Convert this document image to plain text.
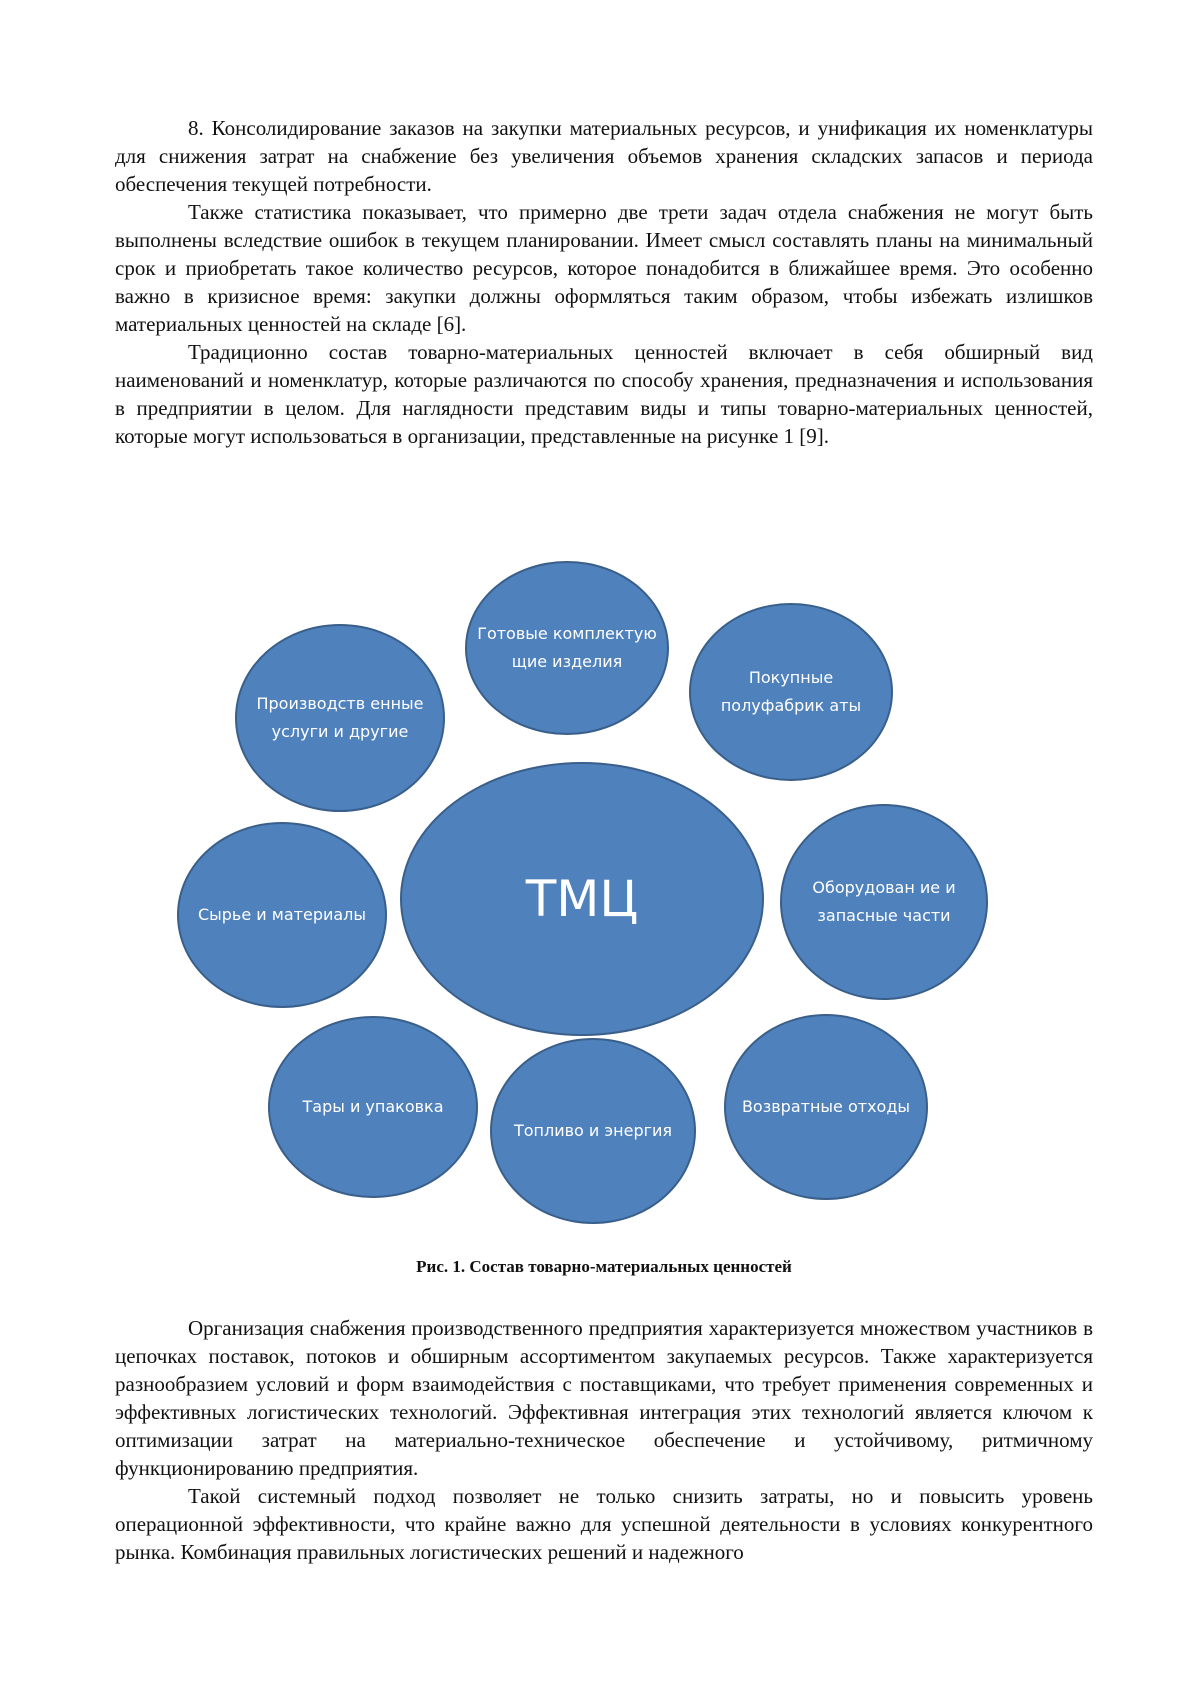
8. Консолидирование заказов на закупки материальных ресурсов, и унификация их номенклатуры для снижения затрат на снабжение без увеличения объемов хранения складских запасов и периода обеспечения текущей потребности.

Также статистика показывает, что примерно две трети задач отдела снабжения не могут быть выполнены вследствие ошибок в текущем планировании. Имеет смысл составлять планы на минимальный срок и приобретать такое количество ресурсов, которое понадобится в ближайшее время. Это особенно важно в кризисное время: закупки должны оформляться таким образом, чтобы избежать излишков материальных ценностей на складе [6].

Традиционно состав товарно-материальных ценностей включает в себя обширный вид наименований и номенклатур, которые различаются по способу хранения, предназначения и использования в предприятии в целом. Для наглядности представим виды и типы товарно-материальных ценностей, которые могут использоваться в организации, представленные на рисунке 1 [9].

ТМЦ
Готовые комплектую щие изделия
Покупные полуфабрик аты
Оборудован ие и запасные части
Возвратные отходы
Топливо и энергия
Тары и упаковка
Сырье и материалы
Производств енные услуги и другие
Рис. 1. Состав товарно-материальных ценностей

Организация снабжения производственного предприятия характеризуется множеством участников в цепочках поставок, потоков и обширным ассортиментом закупаемых ресурсов. Также характеризуется разнообразием условий и форм взаимодействия с поставщиками, что требует применения современных и эффективных логистических технологий. Эффективная интеграция этих технологий является ключом к оптимизации затрат на материально-техническое обеспечение и устойчивому, ритмичному функционированию предприятия.

Такой системный подход позволяет не только снизить затраты, но и повысить уровень операционной эффективности, что крайне важно для успешной деятельности в условиях конкурентного рынка. Комбинация правильных логистических решений и надежного
